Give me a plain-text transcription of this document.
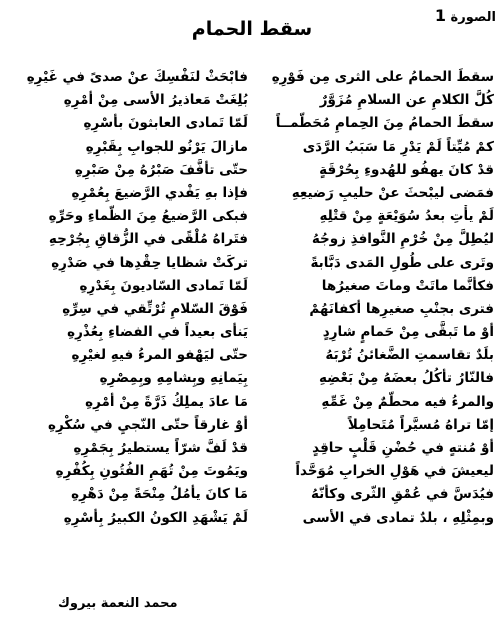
الصورة 1
سقط الحمام
سقطَ الحمامُ على الثرى مِن فَوْرِهِ
كُلَّ الكلامِ عن السلامِ مُزَوَّرٌ
سقطَ الحمامُ مِنَ الحِمامِ مُحَطَّمــاً
كمْ مُيِّتاً لَمْ يَدْرِ مَا سَبَبُ الرَّدَى
قدْ كانَ يهفُو للهُدوءِ بِحُرْقَةٍ
فمَضى ليبْحثَ عنْ حليبِ رَضيعِهِ
لَمْ يأْتِ بعدُ سُوَيْعَةٍ مِنْ قتْلِهِ
ليُطِلَّ مِنْ خُرْمِ النَّوافذِ زوجُهُ
وتَرى على طُولِ المَدى دَبَّابةً
فكأنَّما ماتَتْ وماتَ صغيرُها
فترى بجنْبِ صغيرِها أكفانَهُمْ
أوْ ما تَبقَّى مِنْ حَمامٍ شارِدٍ
بلَدٌ تقاسمتِ الضَّغائنُ تُرْبَهُ
فالنّارُ تأكُلُ بعضَهُ مِنْ بَعْضِهِ
والمرءُ فيه محطَّمٌ مِنْ غَمِّهِ
إمّا تراهُ مُسيَّراً مُتَحامِلاً
أوْ مُنتهٍ في حُضْنِ قَلْبٍ حاقِدٍ
ليعيشَ في هَوْلِ الخرابِ مُوَحَّداً
فيُدَسَّ في عُمْقِ الثّرى وكأنّهُ
وبمِثْلِهِ ، بلدٌ تمادى في الأسى
فابْحَثْ لنَفْسِكَ عنْ صدىً في غَيْرِهِ
بُلِغَتْ مَعاذيرُ الأسى مِنْ أمْرِهِ
لَمّا تَمادى العابثونَ بأسْرِهِ
مازالَ يَرْنُو للجوابِ بِقَبْرِهِ
حتّى تأفَّفَ صَبْرُهُ مِنْ صَبْرِهِ
فإذا بهِ يَفْدي الرَّضيعَ بِعُمْرِهِ
فبكى الرَّضيعُ مِنَ الظَّماءِ وحَرِّهِ
فتَراهُ مُلْقًى في الزُّقاقِ بِجُرْحِهِ
تركَتْ شظايا حِقْدِها في صَدْرِهِ
لَمّا تَمادى السّاديونَ بِغَدْرِهِ
فَوْقَ السّلامِ تُرْتِّقي في سِرِّهِ
يَنأى بعيداً في الفضاءِ بِعُذْرِهِ
حتّى ليَهْفو المرءُ فيهِ لغيْرِهِ
بِيَمانِهِ وبِشامِهِ وبِمِصْرِهِ
مَا عادَ يملِكُ ذَرَّةً مِنْ أمْرِهِ
أوْ غارقاً حتّى النّجيِ في سُكْرِهِ
قدْ لَفَّ شرّاً يستطيرُ بِجَمْرِهِ
ويَمُوتَ مِنْ تُهَمِ الفُتُونِ بِكُفْرِهِ
مَا كانَ يأمُلُ مِنْحَةً مِنْ دَهْرِهِ
لَمْ يَشْهَدِ الكونُ الكبيرُ بِأسْرِهِ
محمد النعمة بيروك
